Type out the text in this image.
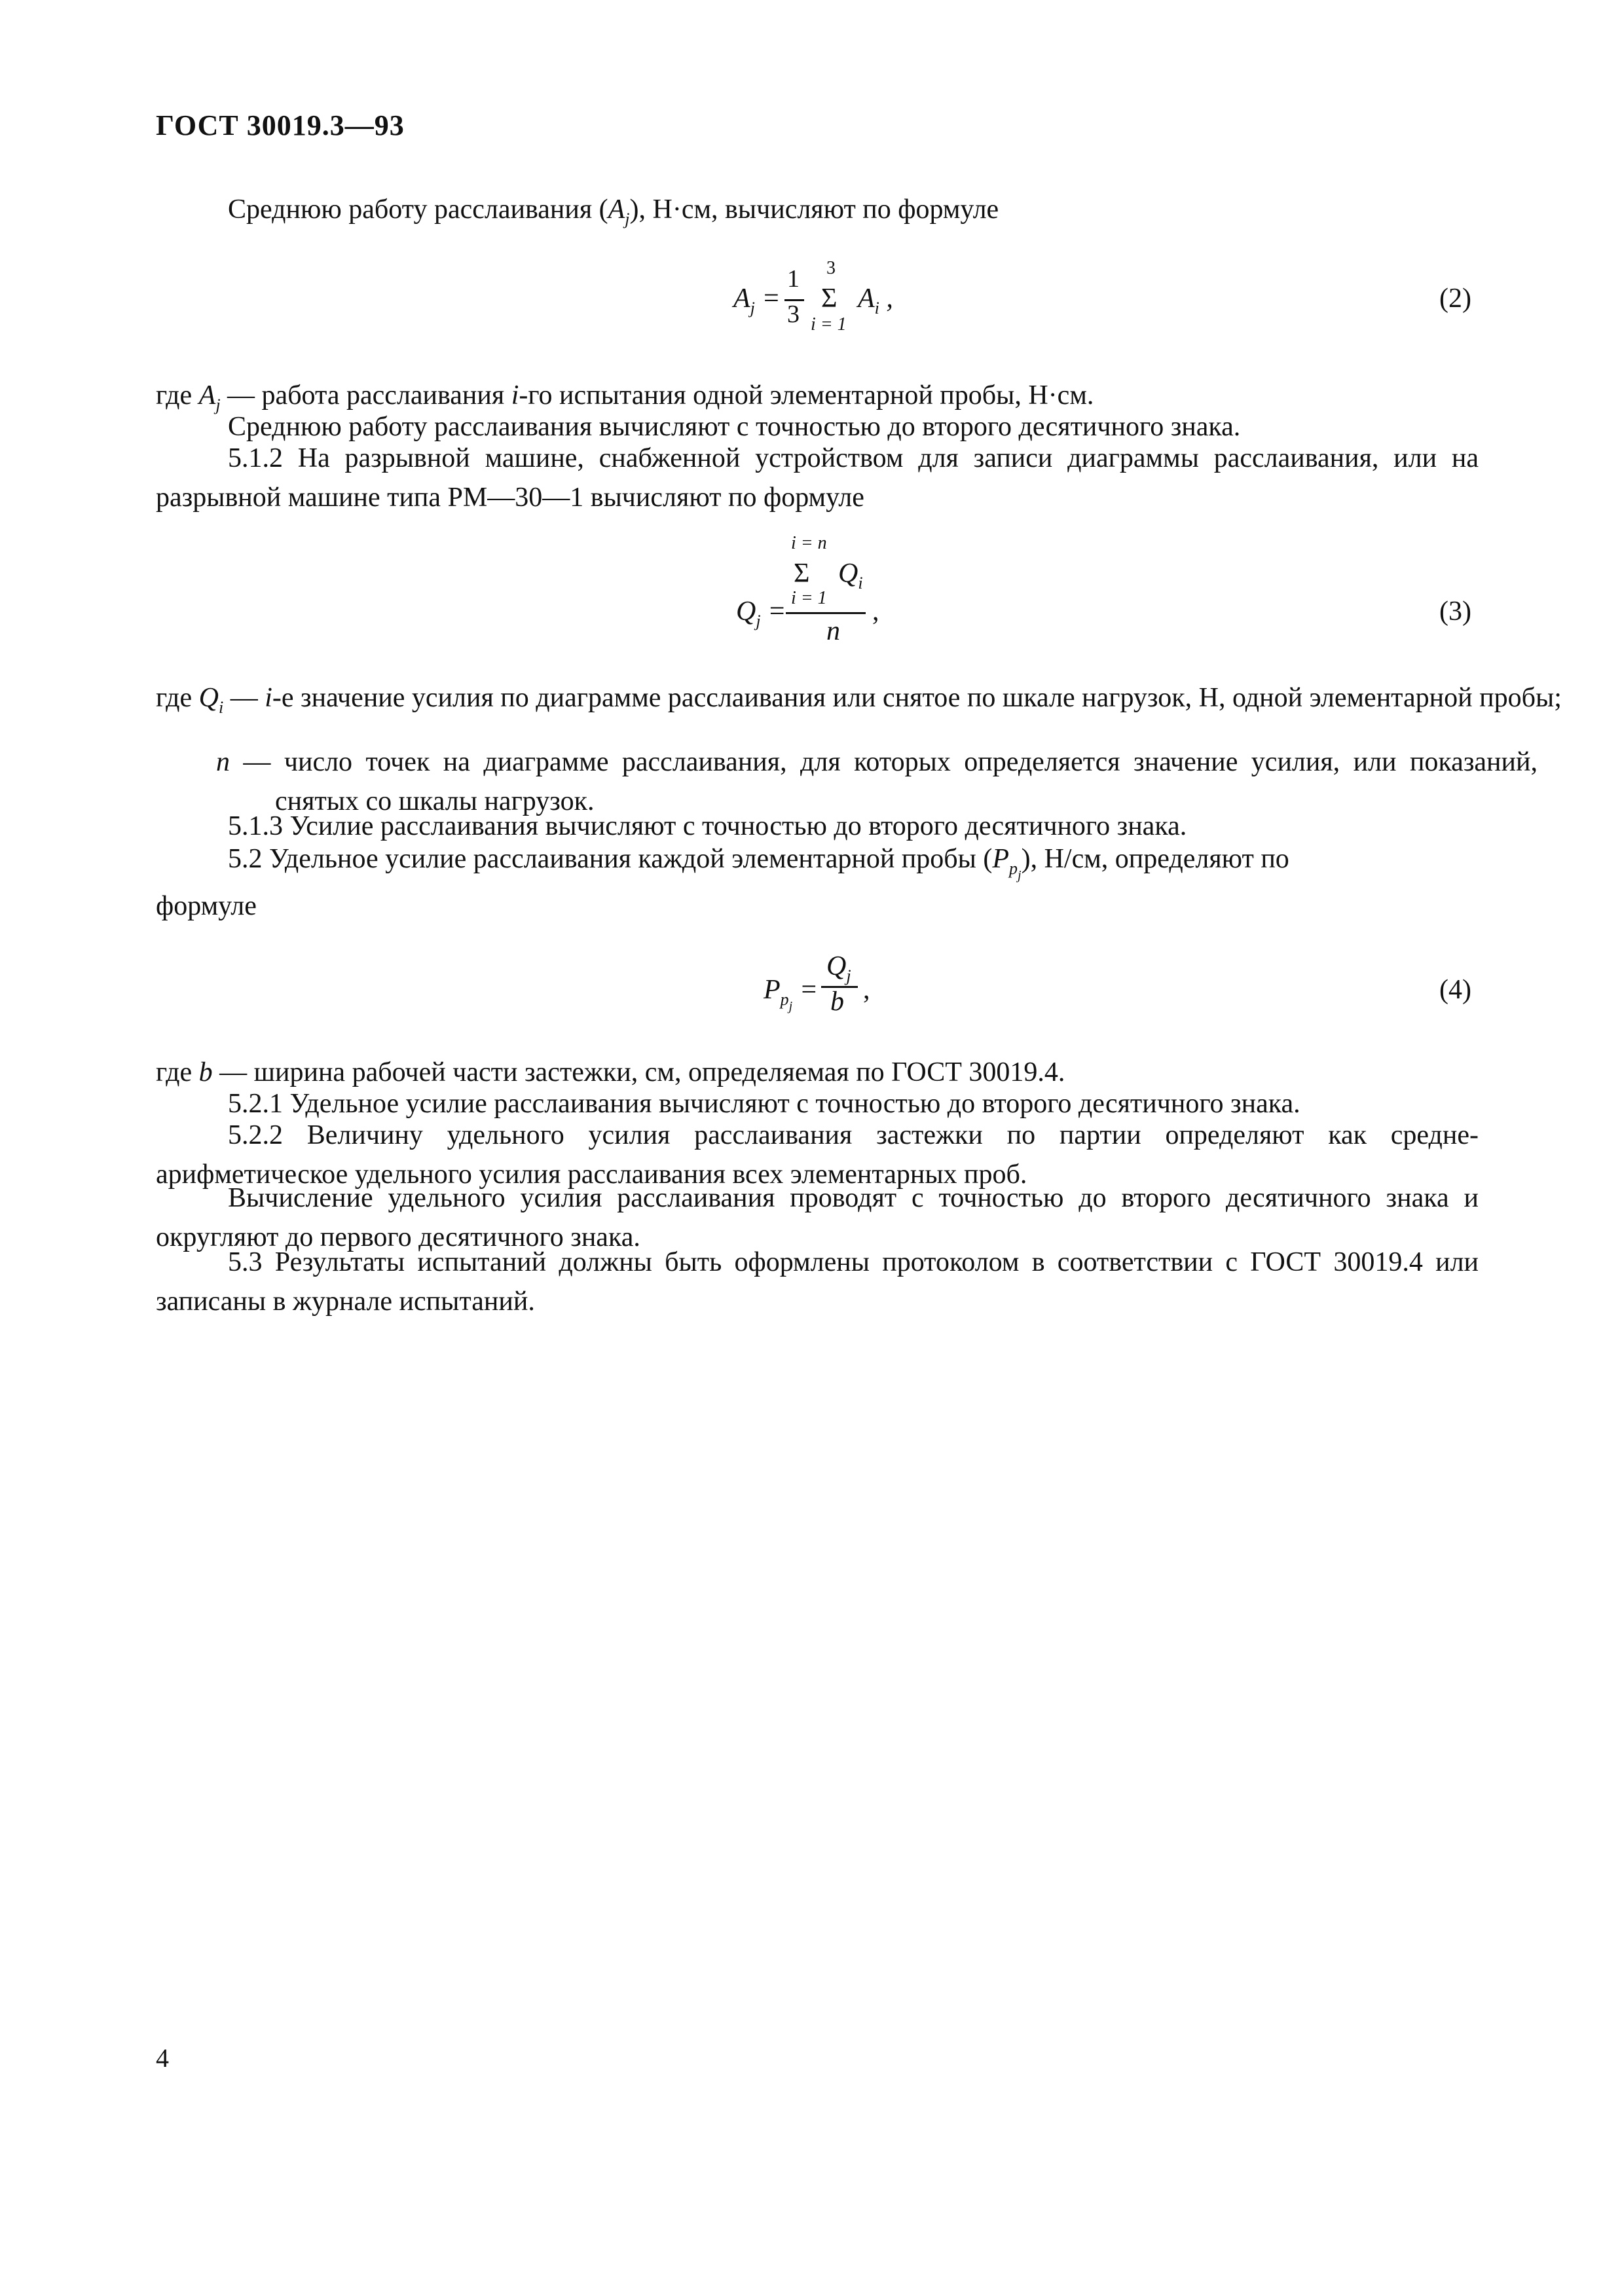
ГОСТ 30019.3—93
Среднюю работу расслаивания $(A_j)$, Н·см, вычисляют по формуле
$A_j$ =
1
3
3
Σ
i = 1
$A_i$ ,	(2)
где $A_j$ — работа расслаивания i-го испытания одной элементарной пробы, Н·см.
Среднюю работу расслаивания вычисляют с точностью до второго десятичного знака.
5.1.2 На разрывной машине, снабженной устройством для записи диаграммы расслаивания, или на разрывной машине типа РМ—30—1 вычисляют по формуле
i = n
Σ $Q_i$
i = 1
$Q_j$ =
n
,	(3)
где $Q_i$ — i-е значение усилия по диаграмме расслаивания или снятое по шкале нагрузок, Н, одной элементарной пробы;
n — число точек на диаграмме расслаивания, для которых определяется значение усилия, или показаний, снятых со шкалы нагрузок.
5.1.3 Усилие расслаивания вычисляют с точностью до второго десятичного знака.
5.2 Удельное усилие расслаивания каждой элементарной пробы $(P_{p_j})$, Н/см, определяют по
формуле
$P_{p_j}$ =
$Q_j$
b ,	(4)
где b — ширина рабочей части застежки, см, определяемая по ГОСТ 30019.4.
5.2.1 Удельное усилие расслаивания вычисляют с точностью до второго десятичного знака.
5.2.2 Величину удельного усилия расслаивания застежки по партии определяют как средне-арифметическое удельного усилия расслаивания всех элементарных проб.
Вычисление удельного усилия расслаивания проводят с точностью до второго десятичного знака и округляют до первого десятичного знака.
5.3 Результаты испытаний должны быть оформлены протоколом в соответствии с ГОСТ 30019.4 или записаны в журнале испытаний.
4
